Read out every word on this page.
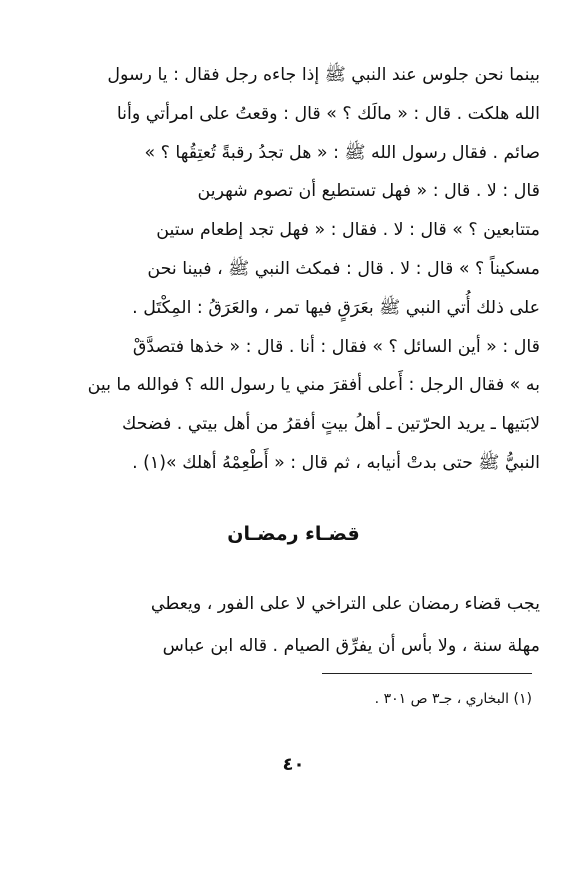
بينما نحن جلوس عند النبي ﷺ إذا جاءه رجل فقال : يا رسول
الله هلكت . قال : « مالَك ؟ » قال : وقعتُ على امرأتي وأنا
صائم . فقال رسول الله ﷺ : « هل تجدُ رقبةً تُعتِقُها ؟ »
قال : لا . قال : « فهل تستطيع أن تصوم شهرين
متتابعين ؟ » قال : لا . فقال : « فهل تجد إطعام ستين
مسكيناً ؟ » قال : لا . قال : فمكث النبي ﷺ ، فبينا نحن
على ذلك أُتي النبي ﷺ بعَرَقٍ فيها تمر ، والعَرَقُ : المِكْتَل .
قال : « أين السائل ؟ » فقال : أنا . قال : « خذها فتصدَّقْ
به » فقال الرجل : أَعلى أفقرَ مني يا رسول الله ؟ فوالله ما بين
لابَتيها ـ يريد الحرّتين ـ أهلُ بيتٍ أفقرُ من أهل بيتي . فضحك
النبيُّ ﷺ حتى بدتْ أنيابه ، ثم قال : « أَطْعِمْهُ أهلك »(١) .
قضـاء رمضـان
يجب قضاء رمضان على التراخي لا على الفور ، ويعطي
مهلة سنة ، ولا بأس أن يفرِّق الصيام . قاله ابن عباس
(١) البخاري ، جـ٣ ص ٣٠١ .
٤٠
